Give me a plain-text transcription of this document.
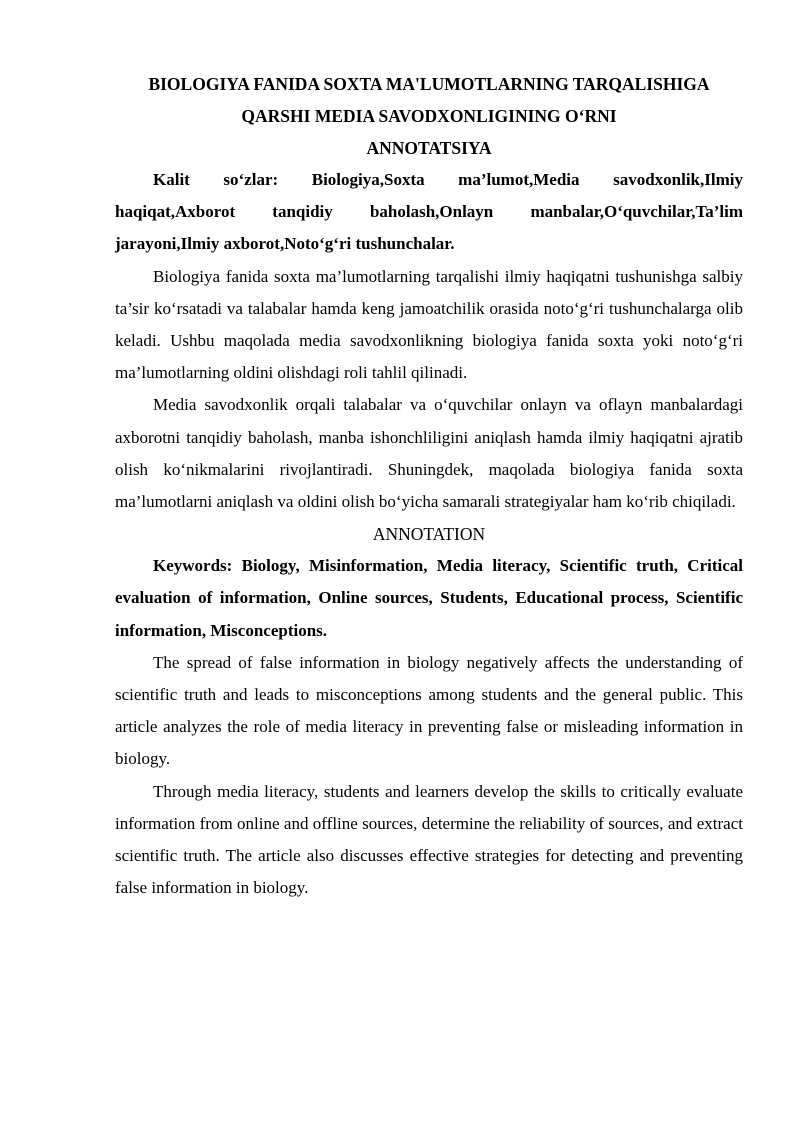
BIOLOGIYA FANIDA SOXTA MA'LUMOTLARNING TARQALISHIGA
QARSHI MEDIA SAVODXONLIGINING O‘RNI
ANNOTATSIYA

Kalit so‘zlar: Biologiya,Soxta ma’lumot,Media savodxonlik,Ilmiy haqiqat,Axborot tanqidiy baholash,Onlayn manbalar,O‘quvchilar,Ta’lim jarayoni,Ilmiy axborot,Noto‘g‘ri tushunchalar.

Biologiya fanida soxta ma’lumotlarning tarqalishi ilmiy haqiqatni tushunishga salbiy ta’sir ko‘rsatadi va talabalar hamda keng jamoatchilik orasida noto‘g‘ri tushunchalarga olib keladi. Ushbu maqolada media savodxonlikning biologiya fanida soxta yoki noto‘g‘ri ma’lumotlarning oldini olishdagi roli tahlil qilinadi.

Media savodxonlik orqali talabalar va o‘quvchilar onlayn va oflayn manbalardagi axborotni tanqidiy baholash, manba ishonchliligini aniqlash hamda ilmiy haqiqatni ajratib olish ko‘nikmalarini rivojlantiradi. Shuningdek, maqolada biologiya fanida soxta ma’lumotlarni aniqlash va oldini olish bo‘yicha samarali strategiyalar ham ko‘rib chiqiladi.

ANNOTATION

Keywords: Biology, Misinformation, Media literacy, Scientific truth, Critical evaluation of information, Online sources, Students, Educational process, Scientific information, Misconceptions.

The spread of false information in biology negatively affects the understanding of scientific truth and leads to misconceptions among students and the general public. This article analyzes the role of media literacy in preventing false or misleading information in biology.

Through media literacy, students and learners develop the skills to critically evaluate information from online and offline sources, determine the reliability of sources, and extract scientific truth. The article also discusses effective strategies for detecting and preventing false information in biology.
